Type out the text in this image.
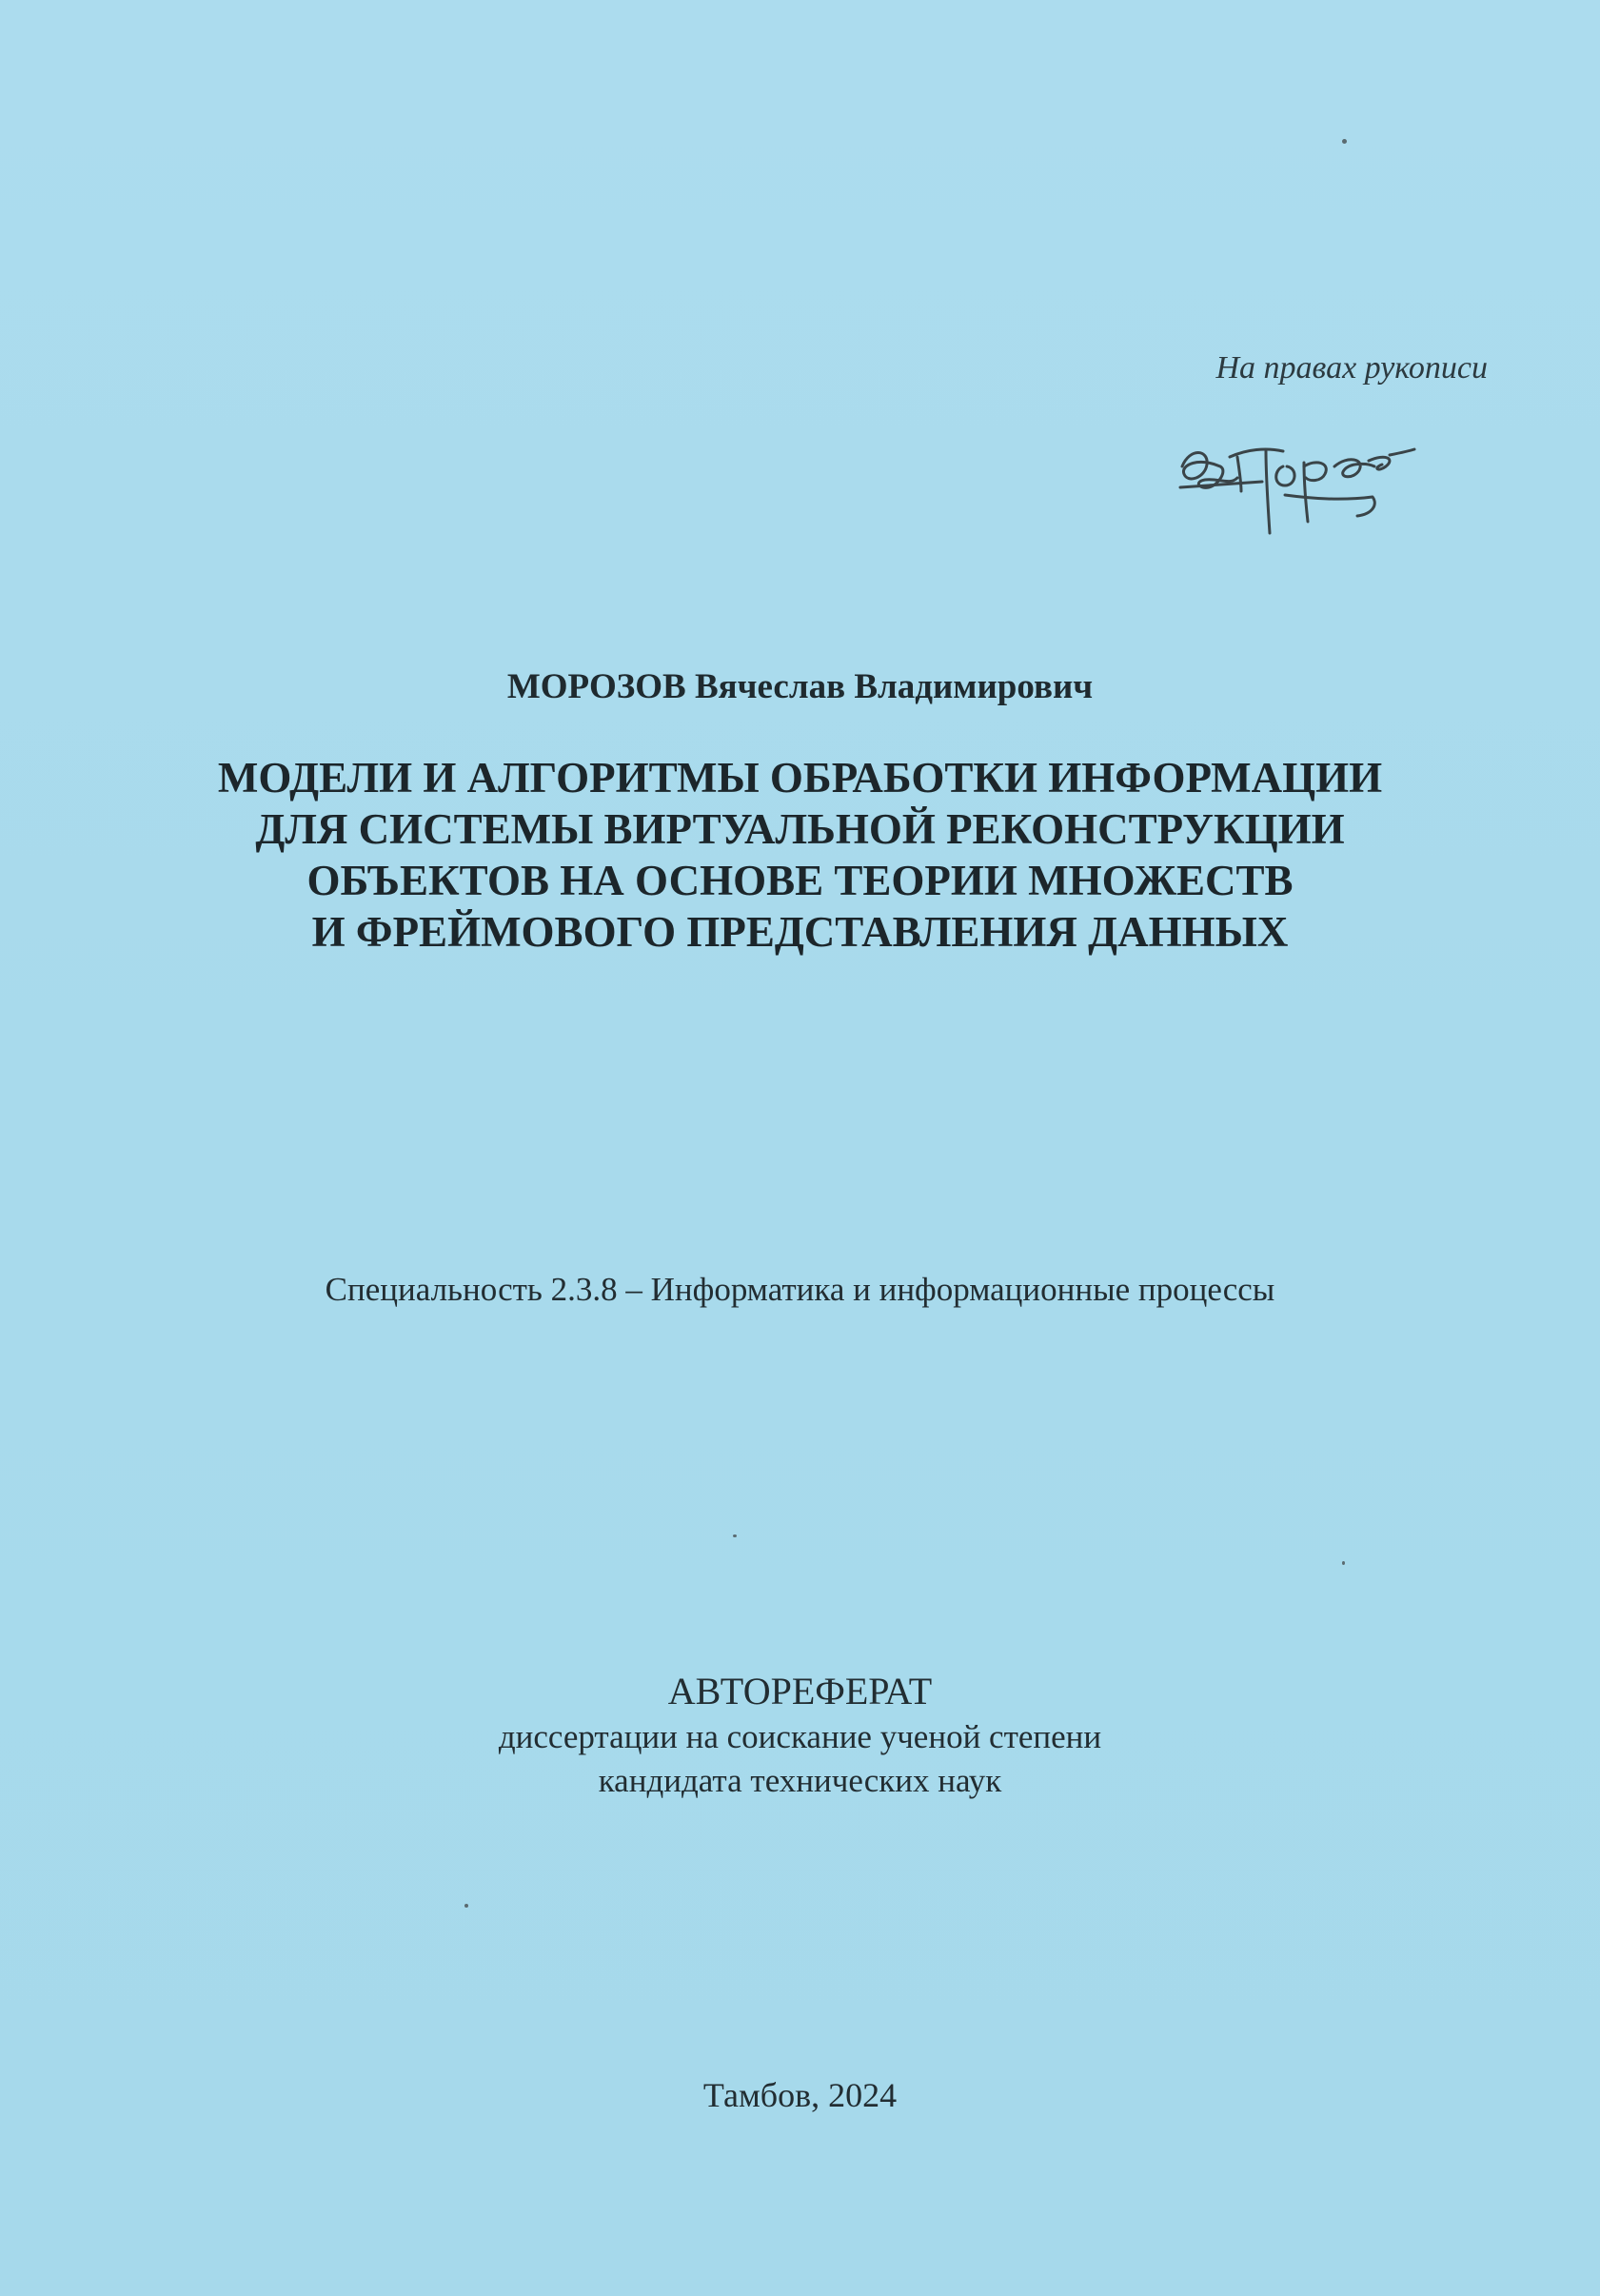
На правах рукописи
МОРОЗОВ Вячеслав Владимирович
МОДЕЛИ И АЛГОРИТМЫ ОБРАБОТКИ ИНФОРМАЦИИ
ДЛЯ СИСТЕМЫ ВИРТУАЛЬНОЙ РЕКОНСТРУКЦИИ
ОБЪЕКТОВ НА ОСНОВЕ ТЕОРИИ МНОЖЕСТВ
И ФРЕЙМОВОГО ПРЕДСТАВЛЕНИЯ ДАННЫХ
Специальность 2.3.8 – Информатика и информационные процессы
АВТОРЕФЕРАТ
диссертации на соискание ученой степени
кандидата технических наук
Тамбов, 2024
